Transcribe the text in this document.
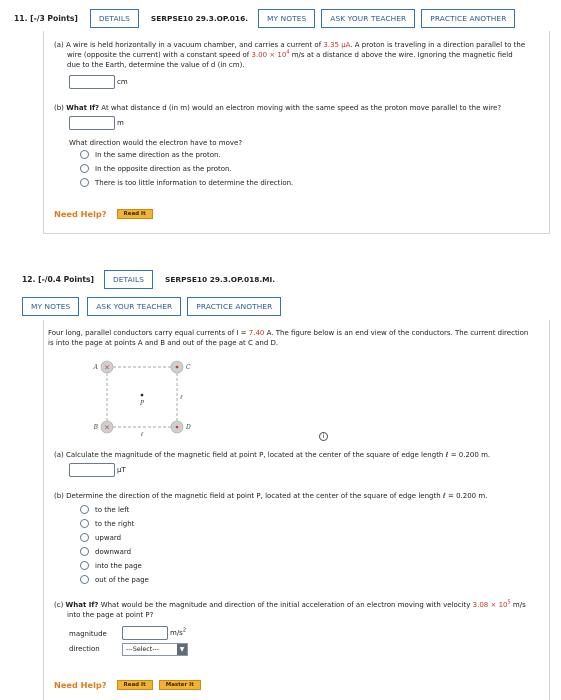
11. [-/3 Points]	DETAILS	SERPSE10 29.3.OP.016.	MY NOTES	ASK YOUR TEACHER	PRACTICE ANOTHER
(a) A wire is held horizontally in a vacuum chamber, and carries a current of 3.35 µA. A proton is traveling in a direction parallel to the
wire (opposite the current) with a constant speed of $3.00 \times 10^4$ m/s at a distance d above the wire. Ignoring the magnetic field
due to the Earth, determine the value of d (in cm).
cm
(b) What If? At what distance d (in m) would an electron moving with the same speed as the proton move parallel to the wire?
m
What direction would the electron have to move?
In the same direction as the proton.
In the opposite direction as the proton.
There is too little information to determine the direction.
Need Help?	Read It
12. [-/0.4 Points]	DETAILS	SERPSE10 29.3.OP.018.MI.
MY NOTES	ASK YOUR TEACHER	PRACTICE ANOTHER
Four long, parallel conductors carry equal currents of I = 7.40 A. The figure below is an end view of the conductors. The current direction
is into the page at points A and B and out of the page at C and D.
×
×
A
B
C
D
P
ℓ
ℓ	i
(a) Calculate the magnitude of the magnetic field at point P, located at the center of the square of edge length ℓ = 0.200 m.
µT
(b) Determine the direction of the magnetic field at point P, located at the center of the square of edge length ℓ = 0.200 m.
to the left
to the right
upward
downward
into the page
out of the page
(c) What If? What would be the magnitude and direction of the initial acceleration of an electron moving with velocity $3.08 \times 10^5$ m/s
into the page at point P?
magnitude	$m/s^2$
direction	---Select---	▼
Need Help?	Read It	Master It
